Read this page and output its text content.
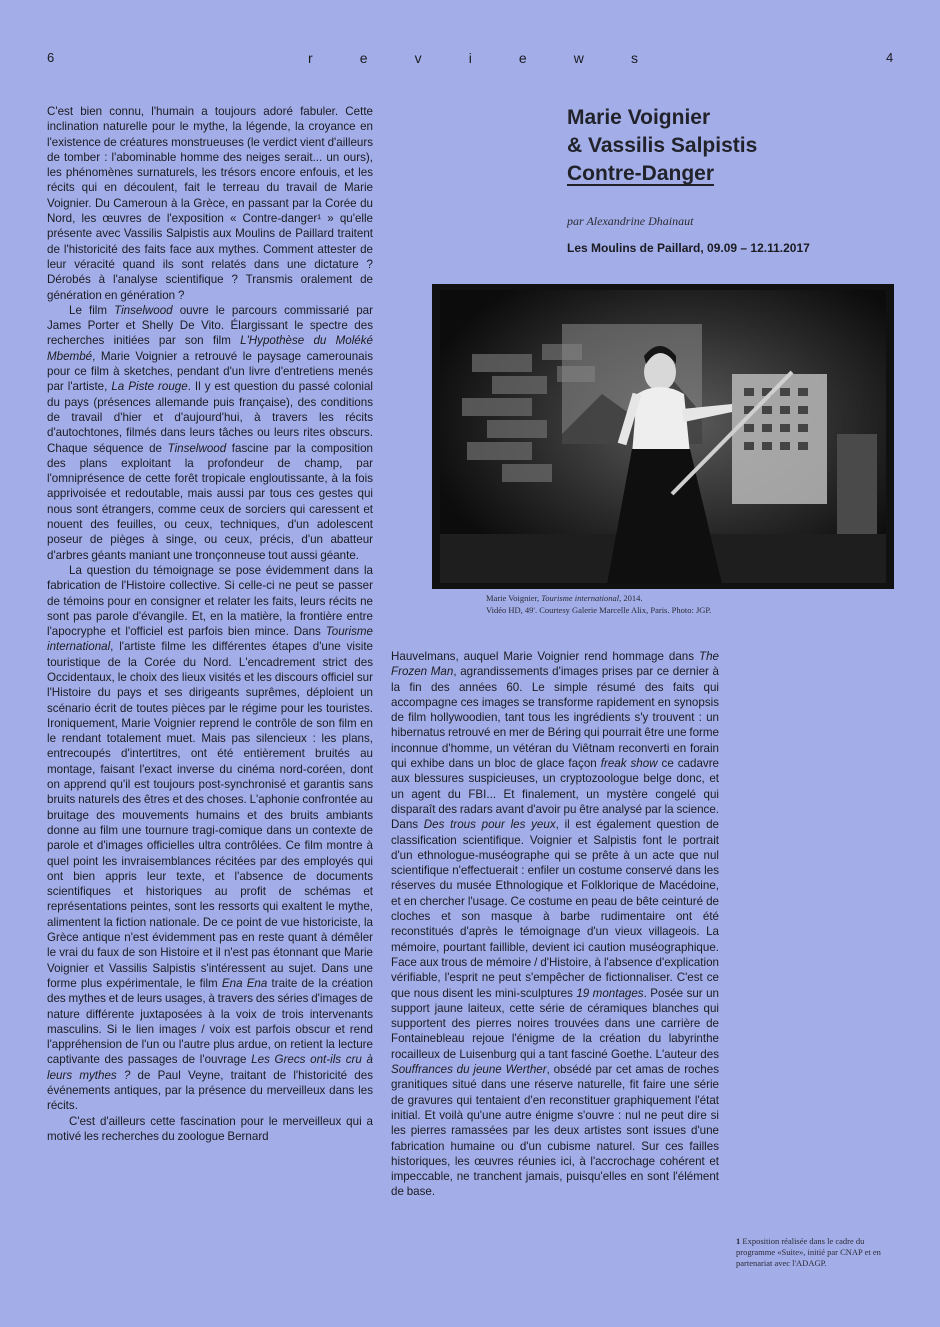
6	r	e	v	i	e	w	s	4
Marie Voignier
& Vassilis Salpistis
Contre-Danger
par Alexandrine Dhainaut
Les Moulins de Paillard, 09.09 – 12.11.2017
Marie Voignier, Tourisme international, 2014.
Vidéo HD, 49'. Courtesy Galerie Marcelle Alix, Paris. Photo: JGP.

C'est bien connu, l'humain a toujours adoré fabuler. Cette inclination naturelle pour le mythe, la légende, la croyance en l'existence de créatures monstrueuses (le verdict vient d'ailleurs de tomber : l'abominable homme des neiges serait... un ours), les phénomènes surnaturels, les trésors encore enfouis, et les récits qui en découlent, fait le terreau du travail de Marie Voignier. Du Cameroun à la Grèce, en passant par la Corée du Nord, les œuvres de l'exposition « Contre-danger¹ » qu'elle présente avec Vassilis Salpistis aux Moulins de Paillard traitent de l'historicité des faits face aux mythes. Comment attester de leur véracité quand ils sont relatés dans une dictature ? Dérobés à l'analyse scientifique ? Transmis oralement de génération en génération ?

Le film Tinselwood ouvre le parcours commissarié par James Porter et Shelly De Vito. Élargissant le spectre des recherches initiées par son film L'Hypothèse du Moléké Mbembé, Marie Voignier a retrouvé le paysage camerounais pour ce film à sketches, pendant d'un livre d'entretiens menés par l'artiste, La Piste rouge. Il y est question du passé colonial du pays (présences allemande puis française), des conditions de travail d'hier et d'aujourd'hui, à travers les récits d'autochtones, filmés dans leurs tâches ou leurs rites obscurs. Chaque séquence de Tinselwood fascine par la composition des plans exploitant la profondeur de champ, par l'omniprésence de cette forêt tropicale engloutissante, à la fois apprivoisée et redoutable, mais aussi par tous ces gestes qui nous sont étrangers, comme ceux de sorciers qui caressent et nouent des feuilles, ou ceux, techniques, d'un adolescent poseur de pièges à singe, ou ceux, précis, d'un abatteur d'arbres géants maniant une tronçonneuse tout aussi géante.

La question du témoignage se pose évidemment dans la fabrication de l'Histoire collective. Si celle-ci ne peut se passer de témoins pour en consigner et relater les faits, leurs récits ne sont pas parole d'évangile. Et, en la matière, la frontière entre l'apocryphe et l'officiel est parfois bien mince. Dans Tourisme international, l'artiste filme les différentes étapes d'une visite touristique de la Corée du Nord. L'encadrement strict des Occidentaux, le choix des lieux visités et les discours officiel sur l'Histoire du pays et ses dirigeants suprêmes, déploient un scénario écrit de toutes pièces par le régime pour les touristes. Ironiquement, Marie Voignier reprend le contrôle de son film en le rendant totalement muet. Mais pas silencieux : les plans, entrecoupés d'intertitres, ont été entièrement bruités au montage, faisant l'exact inverse du cinéma nord-coréen, dont on apprend qu'il est toujours post-synchronisé et garantis sans bruits naturels des êtres et des choses. L'aphonie confrontée au bruitage des mouvements humains et des bruits ambiants donne au film une tournure tragi-comique dans un contexte de parole et d'images officielles ultra contrôlées. Ce film montre à quel point les invraisemblances récitées par des employés qui ont bien appris leur texte, et l'absence de documents scientifiques et historiques au profit de schémas et représentations peintes, sont les ressorts qui exaltent le mythe, alimentent la fiction nationale. De ce point de vue historiciste, la Grèce antique n'est évidemment pas en reste quant à démêler le vrai du faux de son Histoire et il n'est pas étonnant que Marie Voignier et Vassilis Salpistis s'intéressent au sujet. Dans une forme plus expérimentale, le film Ena Ena traite de la création des mythes et de leurs usages, à travers des séries d'images de nature différente juxtaposées à la voix de trois intervenants masculins. Si le lien images / voix est parfois obscur et rend l'appréhension de l'un ou l'autre plus ardue, on retient la lecture captivante des passages de l'ouvrage Les Grecs ont-ils cru à leurs mythes ? de Paul Veyne, traitant de l'historicité des événements antiques, par la présence du merveilleux dans les récits.

C'est d'ailleurs cette fascination pour le merveilleux qui a motivé les recherches du zoologue Bernard

Hauvelmans, auquel Marie Voignier rend hommage dans The Frozen Man, agrandissements d'images prises par ce dernier à la fin des années 60. Le simple résumé des faits qui accompagne ces images se transforme rapidement en synopsis de film hollywoodien, tant tous les ingrédients s'y trouvent : un hibernatus retrouvé en mer de Béring qui pourrait être une forme inconnue d'homme, un vétéran du Viêtnam reconverti en forain qui exhibe dans un bloc de glace façon freak show ce cadavre aux blessures suspicieuses, un cryptozoologue belge donc, et un agent du FBI... Et finalement, un mystère congelé qui disparaît des radars avant d'avoir pu être analysé par la science. Dans Des trous pour les yeux, il est également question de classification scientifique. Voignier et Salpistis font le portrait d'un ethnologue-muséographe qui se prête à un acte que nul scientifique n'effectuerait : enfiler un costume conservé dans les réserves du musée Ethnologique et Folklorique de Macédoine, et en chercher l'usage. Ce costume en peau de bête ceinturé de cloches et son masque à barbe rudimentaire ont été reconstitués d'après le témoignage d'un vieux villageois. La mémoire, pourtant faillible, devient ici caution muséographique. Face aux trous de mémoire / d'Histoire, à l'absence d'explication vérifiable, l'esprit ne peut s'empêcher de fictionnaliser. C'est ce que nous disent les mini-sculptures 19 montages. Posée sur un support jaune laiteux, cette série de céramiques blanches qui supportent des pierres noires trouvées dans une carrière de Fontainebleau rejoue l'énigme de la création du labyrinthe rocailleux de Luisenburg qui a tant fasciné Goethe. L'auteur des Souffrances du jeune Werther, obsédé par cet amas de roches granitiques situé dans une réserve naturelle, fit faire une série de gravures qui tentaient d'en reconstituer graphiquement l'état initial. Et voilà qu'une autre énigme s'ouvre : nul ne peut dire si les pierres ramassées par les deux artistes sont issues d'une fabrication humaine ou d'un cubisme naturel. Sur ces failles historiques, les œuvres réunies ici, à l'accrochage cohérent et impeccable, ne tranchent jamais, puisqu'elles en sont l'élément de base.

1 Exposition réalisée dans le cadre du programme «Suite», initié par CNAP et en partenariat avec l'ADAGP.
